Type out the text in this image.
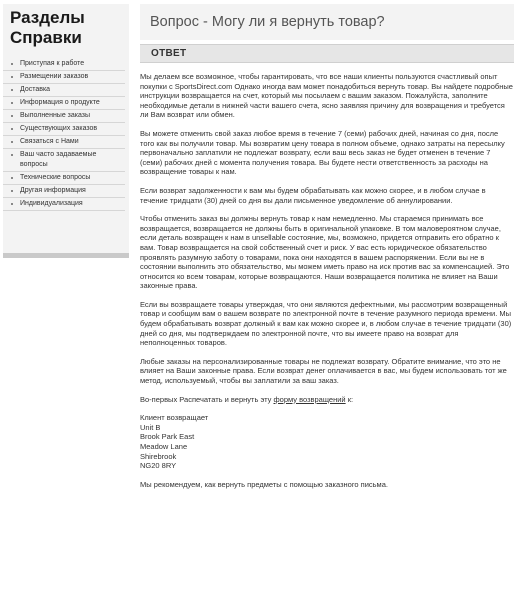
Разделы
Справки
Приступая к работе
Размещении заказов
Доставка
Информация о продукте
Выполненные заказы
Существующих заказов
Связаться с Нами
Ваш часто задаваемые вопросы
Технические вопросы
Другая информация
Индивидуализация
Вопрос - Могу ли я вернуть товар?
ОТВЕТ

Мы делаем все возможное, чтобы гарантировать, что все наши клиенты пользуются счастливый опыт покупки с SportsDirect.com Однако иногда вам может понадобиться вернуть товар. Вы найдете подробные инструкции возвращается на счет, который мы посылаем с вашим заказом. Пожалуйста, заполните необходимые детали в нижней части вашего счета, ясно заявляя причину для возвращения и требуется ли Вам возврат или обмен.

Вы можете отменить свой заказ любое время в течение 7 (семи) рабочих дней, начиная со дня, после того как вы получили товар. Мы возвратим цену товара в полном объеме, однако затраты на пересылку первоначально заплатили не подлежат возврату, если ваш весь заказ не будет отменен в течение 7 (семи) рабочих дней с момента получения товара. Вы будете нести ответственность за расходы на возвращение товары к нам.

Если возврат задолженности к вам мы будем обрабатывать как можно скорее, и в любом случае в течение тридцати (30) дней со дня вы дали письменное уведомление об аннулировании.

Чтобы отменить заказ вы должны вернуть товар к нам немедленно. Мы стараемся принимать все возвращается, возвращается не должны быть в оригинальной упаковке. В том маловероятном случае, если деталь возвращен к нам в unsellable состояние, мы, возможно, придется отправить его обратно к вам. Товар возвращается на свой собственный счет и риск. У вас есть юридическое обязательство проявлять разумную заботу о товарами, пока они находятся в вашем распоряжении. Если вы не в состоянии выполнить это обязательство, мы можем иметь право на иск против вас за компенсацией. Это относится ко всем товарам, которые возвращаются. Наши возвращается политика не влияет на Ваши законные права.

Если вы возвращаете товары утверждая, что они являются дефектными, мы рассмотрим возвращенный товар и сообщим вам о вашем возврате по электронной почте в течение разумного периода времени. Мы будем обрабатывать возврат должный к вам как можно скорее и, в любом случае в течение тридцати (30) дней со дня, мы подтверждаем по электронной почте, что вы имеете право на возврат для неполноценных товаров.

Любые заказы на персонализированные товары не подлежат возврату. Обратите внимание, что это не влияет на Ваши законные права. Если возврат денег оплачивается в вас, мы будем использовать тот же метод, используемый, чтобы вы заплатили за ваш заказ.

Во-первых Распечатать и вернуть эту форму возвращений к:

Клиент возвращает
Unit B
Brook Park East
Meadow Lane
Shirebrook
NG20 8RY

Мы рекомендуем, как вернуть предметы с помощью заказного письма.
